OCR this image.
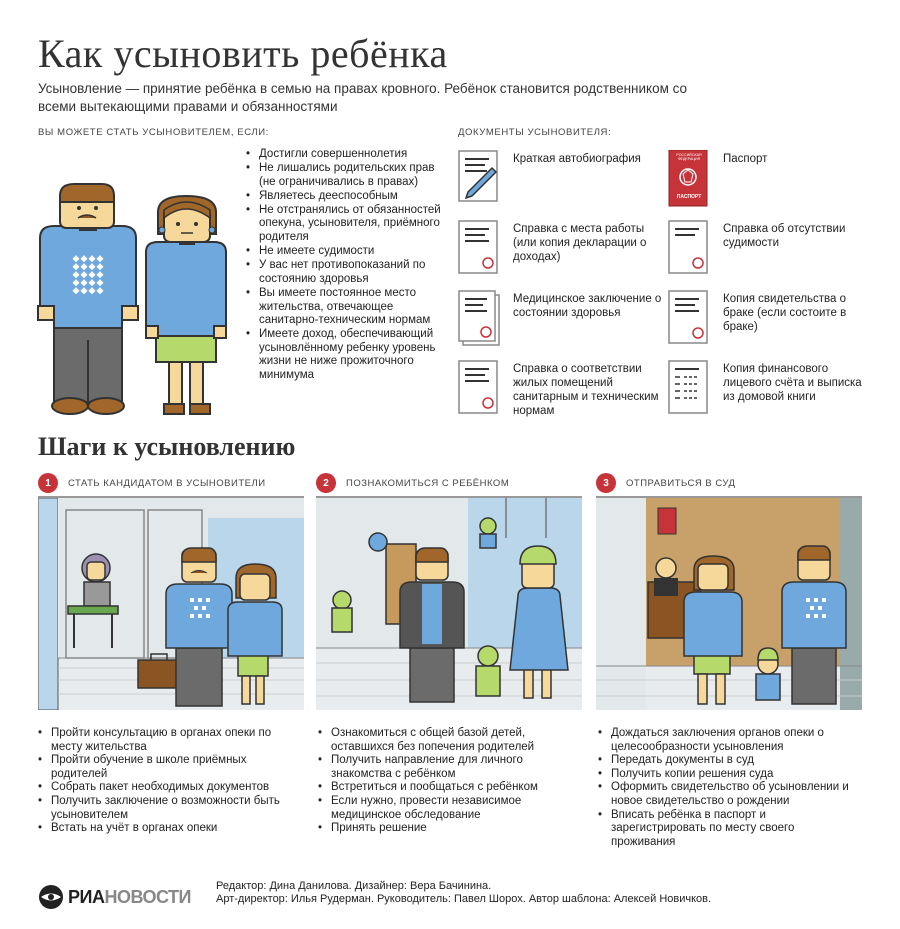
Как усыновить ребёнка

Усыновление — принятие ребёнка в семью на правах кровного. Ребёнок становится родственником со всеми вытекающими правами и обязанностями

ВЫ МОЖЕТЕ СТАТЬ УСЫНОВИТЕЛЕМ, ЕСЛИ:
• Достигли совершеннолетия
• Не лишались родительских прав (не ограничивались в правах)
• Являетесь дееспособным
• Не отстранялись от обязанностей опекуна, усыновителя, приёмного родителя
• Не имеете судимости
• У вас нет противопоказаний по состоянию здоровья
• Вы имеете постоянное место жительства, отвечающее санитарно-техническим нормам
• Имеете доход, обеспечивающий усыновлённому ребенку уровень жизни не ниже прожиточного минимума
ДОКУМЕНТЫ УСЫНОВИТЕЛЯ:
Краткая автобиография	РОССИЙСКАЯ ФЕДЕРАЦИЯ
ПАСПОРТ
Паспорт
Справка с места работы (или копия декларации о доходах)
Справка об отсутствии судимости
Медицинское заключение о состоянии здоровья
Копия свидетельства о браке (если состоите в браке)
Справка о соответствии жилых помещений санитарным и техническим нормам
Копия финансового лицевого счёта и выписка из домовой книги
Шаги к усыновлению
1	СТАТЬ КАНДИДАТОМ В УСЫНОВИТЕЛИ	2	ПОЗНАКОМИТЬСЯ С РЕБЁНКОМ	3	ОТПРАВИТЬСЯ В СУД
• Пройти консультацию в органах опеки по месту жительства
• Пройти обучение в школе приёмных родителей
• Собрать пакет необходимых документов
• Получить заключение о возможности быть усыновителем
• Встать на учёт в органах опеки
• Ознакомиться с общей базой детей, оставшихся без попечения родителей
• Получить направление для личного знакомства с ребёнком
• Встретиться и пообщаться с ребёнком
• Если нужно, провести независимое медицинское обследование
• Принять решение
• Дождаться заключения органов опеки о целесообразности усыновления
• Передать документы в суд
• Получить копии решения суда
• Оформить свидетельство об усыновлении и новое свидетельство о рождении
• Вписать ребёнка в паспорт и зарегистрировать по месту своего проживания
РИА НОВОСТИ
Редактор: Дина Данилова. Дизайнер: Вера Бачинина.
Арт-директор: Илья Рудерман. Руководитель: Павел Шорох. Автор шаблона: Алексей Новичков.
